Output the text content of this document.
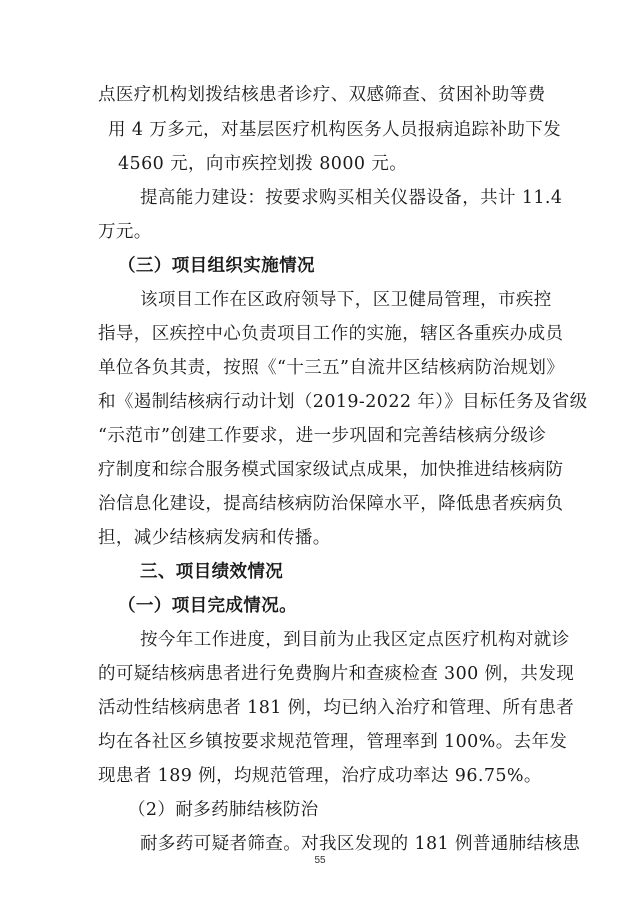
点医疗机构划拨结核患者诊疗、双感筛查、贫困补助等费
用 4 万多元，对基层医疗机构医务人员报病追踪补助下发
4560 元，向市疾控划拨 8000 元。
提高能力建设：按要求购买相关仪器设备，共计 11.4
万元。
（三）项目组织实施情况
该项目工作在区政府领导下，区卫健局管理，市疾控
指导，区疾控中心负责项目工作的实施，辖区各重疾办成员
单位各负其责，按照《“十三五”自流井区结核病防治规划》
和《遏制结核病行动计划（2019-2022 年）》目标任务及省级
“示范市”创建工作要求，进一步巩固和完善结核病分级诊
疗制度和综合服务模式国家级试点成果，加快推进结核病防
治信息化建设，提高结核病防治保障水平，降低患者疾病负
担，减少结核病发病和传播。
三、项目绩效情况
（一）项目完成情况。
按今年工作进度，到目前为止我区定点医疗机构对就诊
的可疑结核病患者进行免费胸片和查痰检查 300 例，共发现
活动性结核病患者 181 例，均已纳入治疗和管理、所有患者
均在各社区乡镇按要求规范管理，管理率到 100%。去年发
现患者 189 例，均规范管理，治疗成功率达 96.75%。
（2）耐多药肺结核防治
耐多药可疑者筛查。对我区发现的 181 例普通肺结核患
55
